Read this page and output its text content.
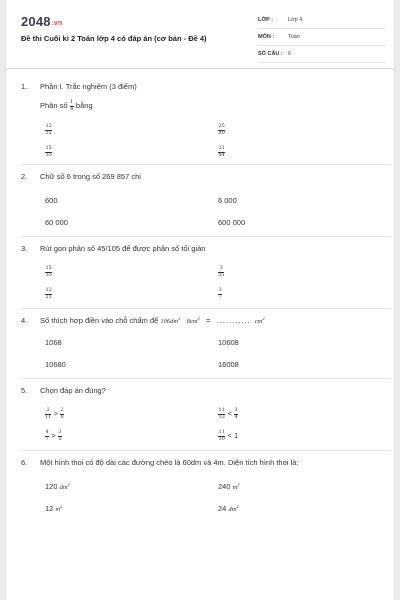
2048.vn
Đề thi Cuối kì 2 Toán lớp 4 có đáp án (cơ bản - Đề 4)
LỚP :	Lớp 4
MÔN :	Toán
SỐ CÂU : 6
1. Phần I. Trắc nghiệm (3 điểm)
Phân số $\frac{1}{4}$ bằng
$\frac{12}{32}$	$\frac{25}{80}$
$\frac{15}{35}$	$\frac{21}{84}$
2. Chữ số 6 trong số 269 857 chỉ
600	6 000
60 000	600 000
3. Rút gọn phân số 45/105 để được phân số tối giản
$\frac{15}{35}$	$\frac{3}{35}$
$\frac{12}{21}$	$\frac{3}{7}$
4. Số thích hợp điền vào chỗ chấm để $106dm^2$ $8cm^2$ = ........... $cm^2$
1068	10608
10680	16008
5. Chọn đáp án đúng?
$\frac{2}{11} > \frac{2}{8}$	$\frac{11}{13} < \frac{3}{4}$
$\frac{4}{7} > \frac{3}{5}$	$\frac{11}{10} < 1$
6. Một hình thoi có độ dài các đường chéo là 60dm và 4m. Diện tích hình thoi là:
120 $dm^2$	240 $m^2$
12 $m^2$	24 $dm^2$
